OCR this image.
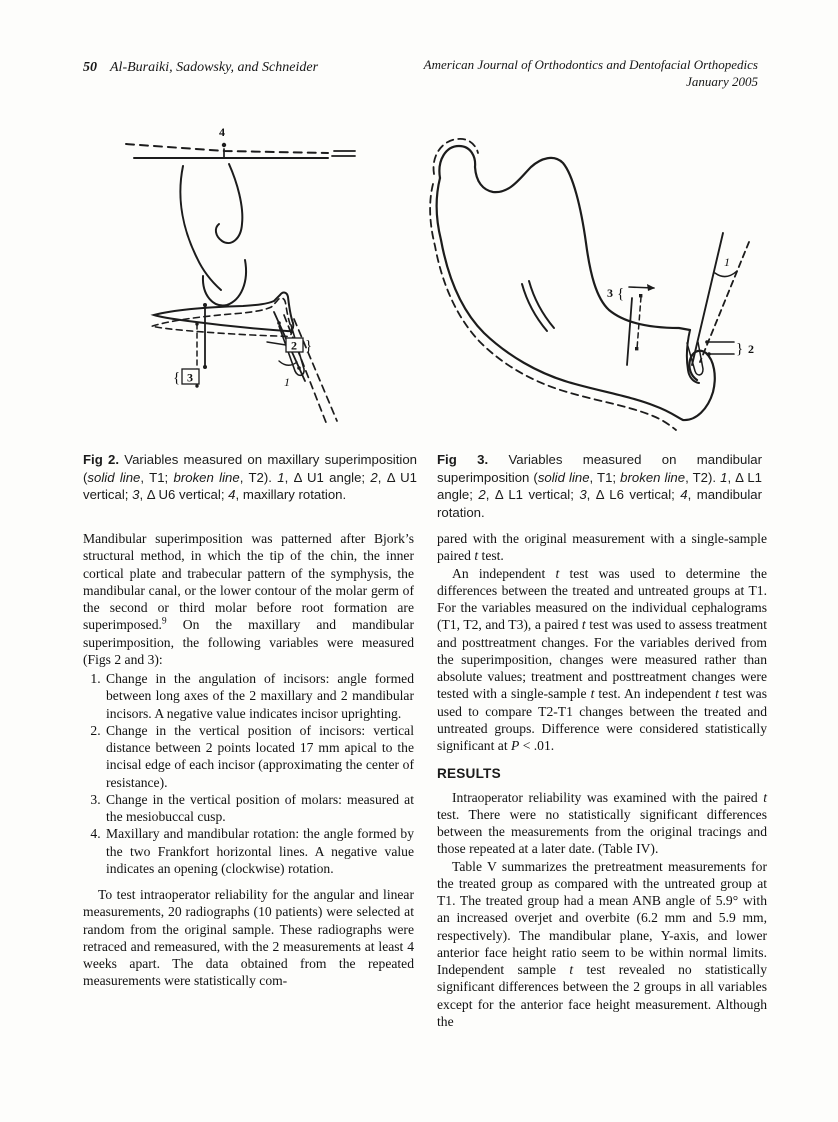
50 Al-Buraiki, Sadowsky, and Schneider	American Journal of Orthodontics and Dentofacial Orthopedics
January 2005
4
1
2 }
3
{
1
} 2
3 {
Fig 2. Variables measured on maxillary superimposition (solid line, T1; broken line, T2). 1, Δ U1 angle; 2, Δ U1 vertical; 3, Δ U6 vertical; 4, maxillary rotation.
Fig 3. Variables measured on mandibular superimposition (solid line, T1; broken line, T2). 1, Δ L1 angle; 2, Δ L1 vertical; 3, Δ L6 vertical; 4, mandibular rotation.

Mandibular superimposition was patterned after Bjork’s structural method, in which the tip of the chin, the inner cortical plate and trabecular pattern of the symphysis, the mandibular canal, or the lower contour of the molar germ of the second or third molar before root formation are superimposed.$^9$ On the maxillary and mandibular superimposition, the following variables were measured (Figs 2 and 3):

1. Change in the angulation of incisors: angle formed between long axes of the 2 maxillary and 2 mandibular incisors. A negative value indicates incisor uprighting.
2. Change in the vertical position of incisors: vertical distance between 2 points located 17 mm apical to the incisal edge of each incisor (approximating the center of resistance).
3. Change in the vertical position of molars: measured at the mesiobuccal cusp.
4. Maxillary and mandibular rotation: the angle formed by the two Frankfort horizontal lines. A negative value indicates an opening (clockwise) rotation.

To test intraoperator reliability for the angular and linear measurements, 20 radiographs (10 patients) were selected at random from the original sample. These radiographs were retraced and remeasured, with the 2 measurements at least 4 weeks apart. The data obtained from the repeated measurements were statistically com-

pared with the original measurement with a single-sample paired t test.

An independent t test was used to determine the differences between the treated and untreated groups at T1. For the variables measured on the individual cephalograms (T1, T2, and T3), a paired t test was used to assess treatment and posttreatment changes. For the variables derived from the superimposition, changes were measured rather than absolute values; treatment and posttreatment changes were tested with a single-sample t test. An independent t test was used to compare T2-T1 changes between the treated and untreated groups. Difference were considered statistically significant at P < .01.

RESULTS

Intraoperator reliability was examined with the paired t test. There were no statistically significant differences between the measurements from the original tracings and those repeated at a later date. (Table IV).

Table V summarizes the pretreatment measurements for the treated group as compared with the untreated group at T1. The treated group had a mean ANB angle of 5.9° with an increased overjet and overbite (6.2 mm and 5.9 mm, respectively). The mandibular plane, Y-axis, and lower anterior face height ratio seem to be within normal limits. Independent sample t test revealed no statistically significant differences between the 2 groups in all variables except for the anterior face height measurement. Although the
